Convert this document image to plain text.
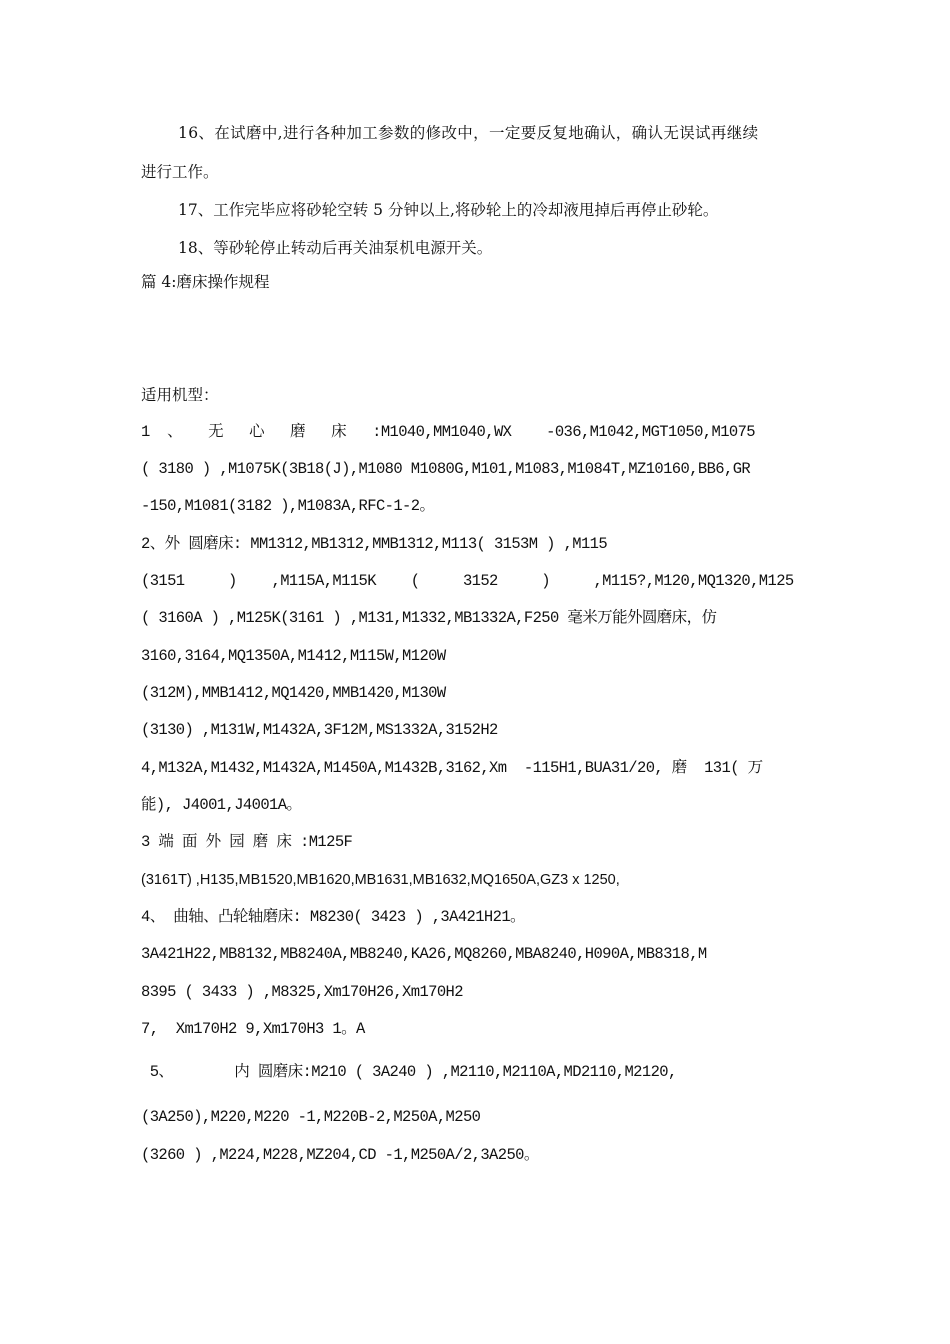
16、在试磨中,进行各种加工参数的修改中，一定要反复地确认，确认无误试再继续
进行工作。
17、工作完毕应将砂轮空转 5 分钟以上,将砂轮上的冷却液甩掉后再停止砂轮。
18、等砂轮停止转动后再关油泵机电源开关。
篇 4:磨床操作规程
适用机型：
1  、   无   心   磨   床   :M1040,MM1040,WX    -036,M1042,MGT1050,M1075
( 3180 ) ,M1075K(3B18(J),M1080 M1080G,M101,M1083,M1084T,MZ10160,BB6,GR
-150,M1081(3182 ),M1083A,RFC-1-2。
2、外 圆磨床: MM1312,MB1312,MMB1312,M113( 3153M ) ,M115
(3151     )    ,M115A,M115K    (     3152     )     ,M115?,M120,MQ1320,M125
( 3160A ) ,M125K(3161 ) ,M131,M1332,MB1332A,F250 毫米万能外圆磨床，仿
3160,3164,MQ1350A,M1412,M115W,M120W
(312M),MMB1412,MQ1420,MMB1420,M130W
(3130) ,M131W,M1432A,3F12M,MS1332A,3152H2
4,M132A,M1432,M1432A,M1450A,M1432B,3162,Xm  -115H1,BUA31/20, 磨  131( 万
能), J4001,J4001A。
3 端 面 外 园 磨 床 :M125F
(3161T) ,H135,MB1520,MB1620,MB1631,MB1632,MQ1650A,GZ3 x 1250,
4、 曲轴、凸轮轴磨床: M8230( 3423 ) ,3A421H21。
3A421H22,MB8132,MB8240A,MB8240,KA26,MQ8260,MBA8240,H090A,MB8318,M
8395 ( 3433 ) ,M8325,Xm170H26,Xm170H2
7,  Xm170H2 9,Xm170H3 1。A
5、       内 圆磨床:M210 ( 3A240 ) ,M2110,M2110A,MD2110,M2120,
(3A250),M220,M220 -1,M220B-2,M250A,M250
(3260 ) ,M224,M228,MZ204,CD -1,M250A/2,3A250。
